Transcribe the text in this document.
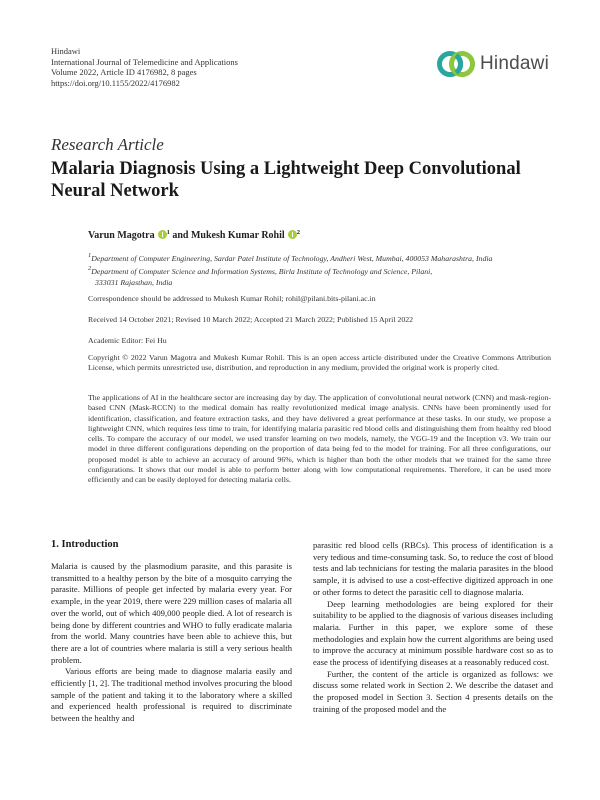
Hindawi
International Journal of Telemedicine and Applications
Volume 2022, Article ID 4176982, 8 pages
https://doi.org/10.1155/2022/4176982
Hindawi
Research Article
Malaria Diagnosis Using a Lightweight Deep Convolutional Neural Network
Varun Magotra $^1$ and Mukesh Kumar Rohil $^2$
$^1$Department of Computer Engineering, Sardar Patel Institute of Technology, Andheri West, Mumbai, 400053 Maharashtra, India
$^2$Department of Computer Science and Information Systems, Birla Institute of Technology and Science, Pilani,
333031 Rajasthan, India
Correspondence should be addressed to Mukesh Kumar Rohil; rohil@pilani.bits-pilani.ac.in
Received 14 October 2021; Revised 10 March 2022; Accepted 21 March 2022; Published 15 April 2022
Academic Editor: Fei Hu
Copyright © 2022 Varun Magotra and Mukesh Kumar Rohil. This is an open access article distributed under the Creative Commons Attribution License, which permits unrestricted use, distribution, and reproduction in any medium, provided the original work is properly cited.
The applications of AI in the healthcare sector are increasing day by day. The application of convolutional neural network (CNN) and mask-region-based CNN (Mask-RCCN) to the medical domain has really revolutionized medical image analysis. CNNs have been prominently used for identification, classification, and feature extraction tasks, and they have delivered a great performance at these tasks. In our study, we propose a lightweight CNN, which requires less time to train, for identifying malaria parasitic red blood cells and distinguishing them from healthy red blood cells. To compare the accuracy of our model, we used transfer learning on two models, namely, the VGG-19 and the Inception v3. We train our model in three different configurations depending on the proportion of data being fed to the model for training. For all three configurations, our proposed model is able to achieve an accuracy of around 96%, which is higher than both the other models that we trained for the same three configurations. It shows that our model is able to perform better along with low computational requirements. Therefore, it can be used more efficiently and can be easily deployed for detecting malaria cells.
1. Introduction

Malaria is caused by the plasmodium parasite, and this parasite is transmitted to a healthy person by the bite of a mosquito carrying the parasite. Millions of people get infected by malaria every year. For example, in the year 2019, there were 229 million cases of malaria all over the world, out of which 409,000 people died. A lot of research is being done by different countries and WHO to fully eradicate malaria from the world. Many countries have been able to achieve this, but there are a lot of countries where malaria is still a very serious health problem.

Various efforts are being made to diagnose malaria easily and efficiently [1, 2]. The traditional method involves procuring the blood sample of the patient and taking it to the laboratory where a skilled and experienced health professional is required to discriminate between the healthy and

parasitic red blood cells (RBCs). This process of identification is a very tedious and time-consuming task. So, to reduce the cost of blood tests and lab technicians for testing the malaria parasites in the blood sample, it is advised to use a cost-effective digitized approach in one or other forms to detect the parasitic cell to diagnose malaria.

Deep learning methodologies are being explored for their suitability to be applied to the diagnosis of various diseases including malaria. Further in this paper, we explore some of these methodologies and explain how the current algorithms are being used to improve the accuracy at minimum possible hardware cost so as to ease the process of identifying diseases at a reasonably reduced cost.

Further, the content of the article is organized as follows: we discuss some related work in Section 2. We describe the dataset and the proposed model in Section 3. Section 4 presents details on the training of the proposed model and the
